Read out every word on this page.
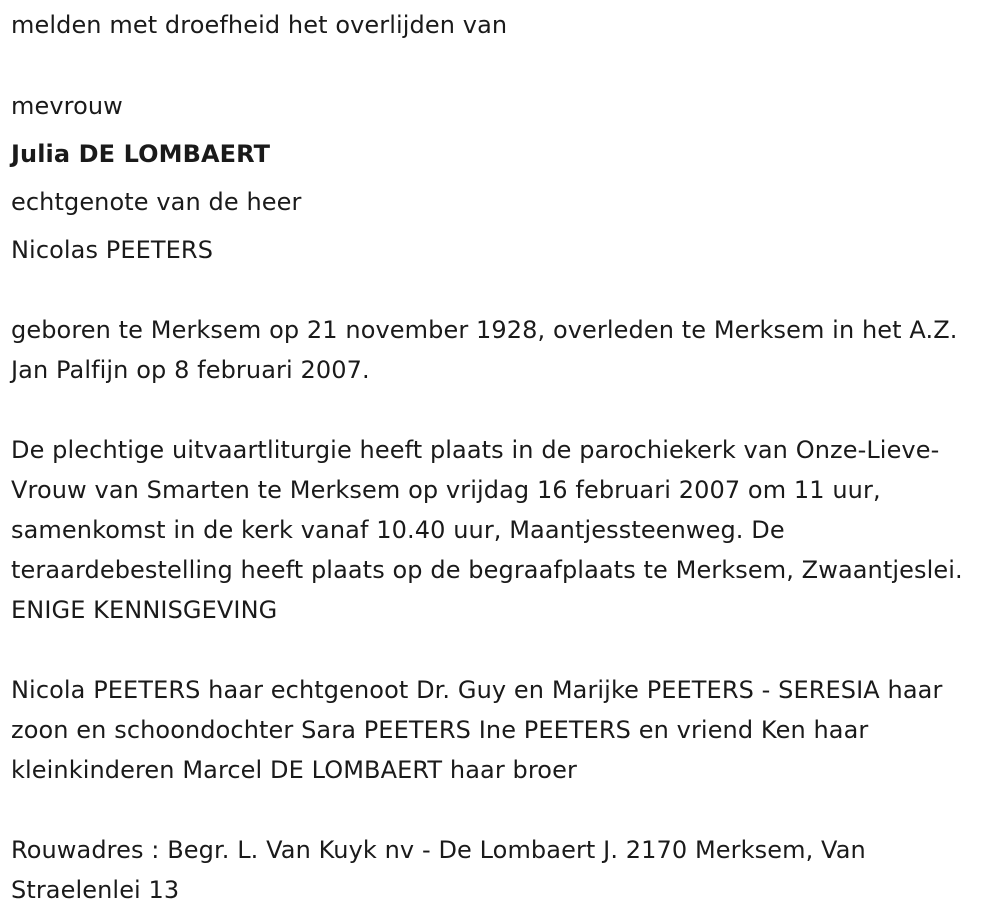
melden met droefheid het overlijden van
mevrouw
Julia DE LOMBAERT
echtgenote van de heer
Nicolas PEETERS
geboren te Merksem op 21 november 1928, overleden te Merksem in het A.Z. Jan Palfijn op 8 februari 2007.
De plechtige uitvaartliturgie heeft plaats in de parochiekerk van Onze-Lieve-Vrouw van Smarten te Merksem op vrijdag 16 februari 2007 om 11 uur, samenkomst in de kerk vanaf 10.40 uur, Maantjessteenweg. De teraardebestelling heeft plaats op de begraafplaats te Merksem, Zwaantjeslei. ENIGE KENNISGEVING
Nicola PEETERS haar echtgenoot Dr. Guy en Marijke PEETERS - SERESIA haar zoon en schoondochter Sara PEETERS Ine PEETERS en vriend Ken haar kleinkinderen Marcel DE LOMBAERT haar broer
Rouwadres : Begr. L. Van Kuyk nv - De Lombaert J. 2170 Merksem, Van Straelenlei 13
